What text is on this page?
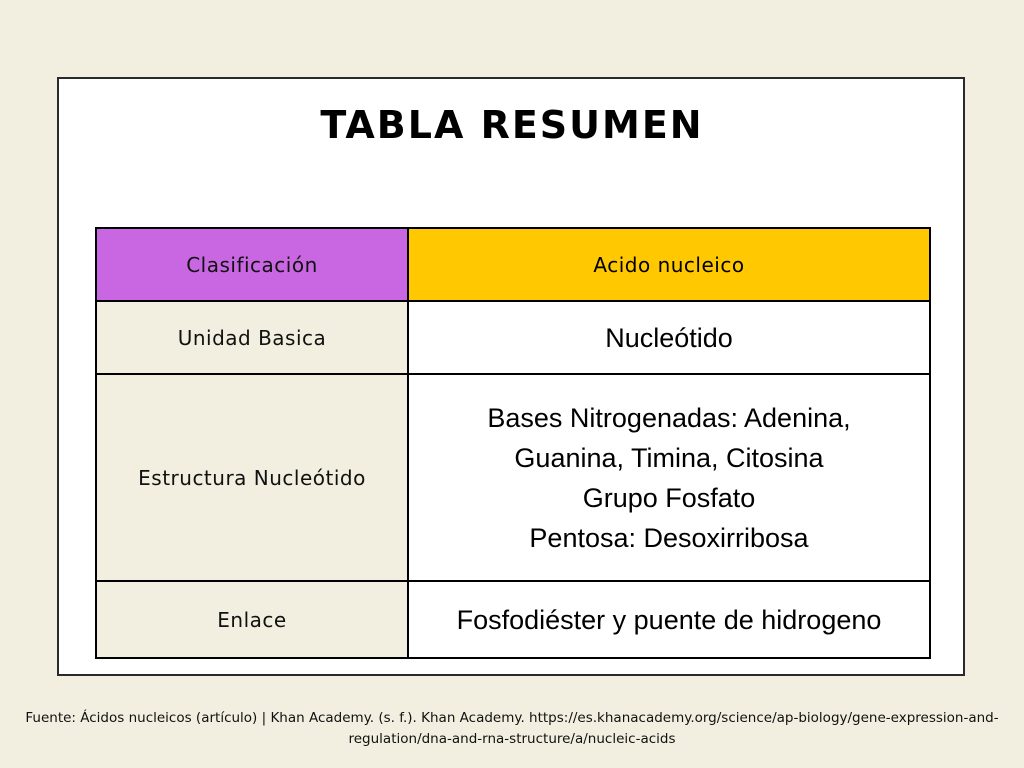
TABLA RESUMEN
Clasificación	Acido nucleico
Unidad Basica	Nucleótido

Estructura Nucleótido	Bases Nitrogenadas: Adenina,
Guanina, Timina, Citosina
Grupo Fosfato
Pentosa: Desoxirribosa

Enlace	Fosfodiéster y puente de hidrogeno
Fuente: Ácidos nucleicos (artículo) | Khan Academy. (s. f.). Khan Academy. https://es.khanacademy.org/science/ap-biology/gene-expression-and-
regulation/dna-and-rna-structure/a/nucleic-acids
